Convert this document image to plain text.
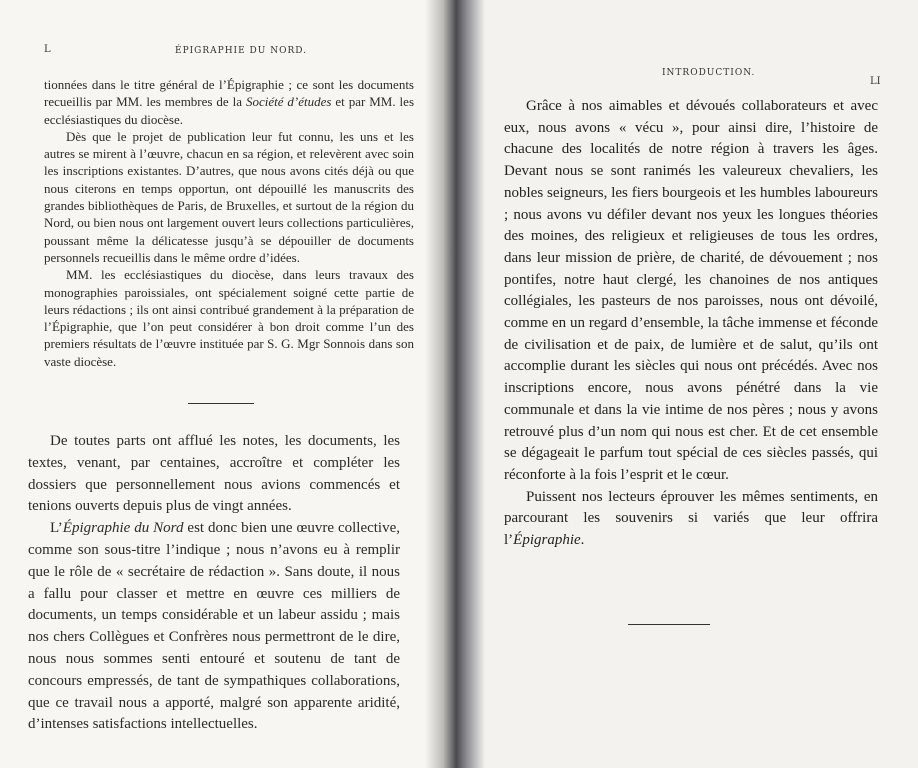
L	ÉPIGRAPHIE DU NORD.

tionnées dans le titre général de l’Épigraphie ; ce sont les documents recueillis par MM. les membres de la Société d’études et par MM. les ecclésiastiques du diocèse.

Dès que le projet de publication leur fut connu, les uns et les autres se mirent à l’œuvre, chacun en sa région, et relevèrent avec soin les inscriptions existantes. D’autres, que nous avons cités déjà ou que nous citerons en temps opportun, ont dépouillé les manuscrits des grandes bibliothèques de Paris, de Bruxelles, et surtout de la région du Nord, ou bien nous ont largement ouvert leurs collections particulières, poussant même la délicatesse jusqu’à se dépouiller de documents personnels recueillis dans le même ordre d’idées.

MM. les ecclésiastiques du diocèse, dans leurs travaux des monographies paroissiales, ont spécialement soigné cette partie de leurs rédactions ; ils ont ainsi contribué grandement à la préparation de l’Épigraphie, que l’on peut considérer à bon droit comme l’un des premiers résultats de l’œuvre instituée par S. G. Mgr Sonnois dans son vaste diocèse.

De toutes parts ont afflué les notes, les documents, les textes, venant, par centaines, accroître et compléter les dossiers que personnellement nous avions commencés et tenions ouverts depuis plus de vingt années.

L’Épigraphie du Nord est donc bien une œuvre collective, comme son sous-titre l’indique ; nous n’avons eu à remplir que le rôle de « secrétaire de rédaction ». Sans doute, il nous a fallu pour classer et mettre en œuvre ces milliers de documents, un temps considérable et un labeur assidu ; mais nos chers Collègues et Confrères nous permettront de le dire, nous nous sommes senti entouré et soutenu de tant de concours empressés, de tant de sympathiques collaborations, que ce travail nous a apporté, malgré son apparente aridité, d’intenses satisfactions intellectuelles.

INTRODUCTION.
LI

Grâce à nos aimables et dévoués collaborateurs et avec eux, nous avons « vécu », pour ainsi dire, l’histoire de chacune des localités de notre région à travers les âges. Devant nous se sont ranimés les valeureux chevaliers, les nobles seigneurs, les fiers bourgeois et les humbles laboureurs ; nous avons vu défiler devant nos yeux les longues théories des moines, des religieux et religieuses de tous les ordres, dans leur mission de prière, de charité, de dévouement ; nos pontifes, notre haut clergé, les chanoines de nos antiques collégiales, les pasteurs de nos paroisses, nous ont dévoilé, comme en un regard d’ensemble, la tâche immense et féconde de civilisation et de paix, de lumière et de salut, qu’ils ont accomplie durant les siècles qui nous ont précédés. Avec nos inscriptions encore, nous avons pénétré dans la vie communale et dans la vie intime de nos pères ; nous y avons retrouvé plus d’un nom qui nous est cher. Et de cet ensemble se dégageait le parfum tout spécial de ces siècles passés, qui réconforte à la fois l’esprit et le cœur.

Puissent nos lecteurs éprouver les mêmes sentiments, en parcourant les souvenirs si variés que leur offrira l’Épigraphie.
